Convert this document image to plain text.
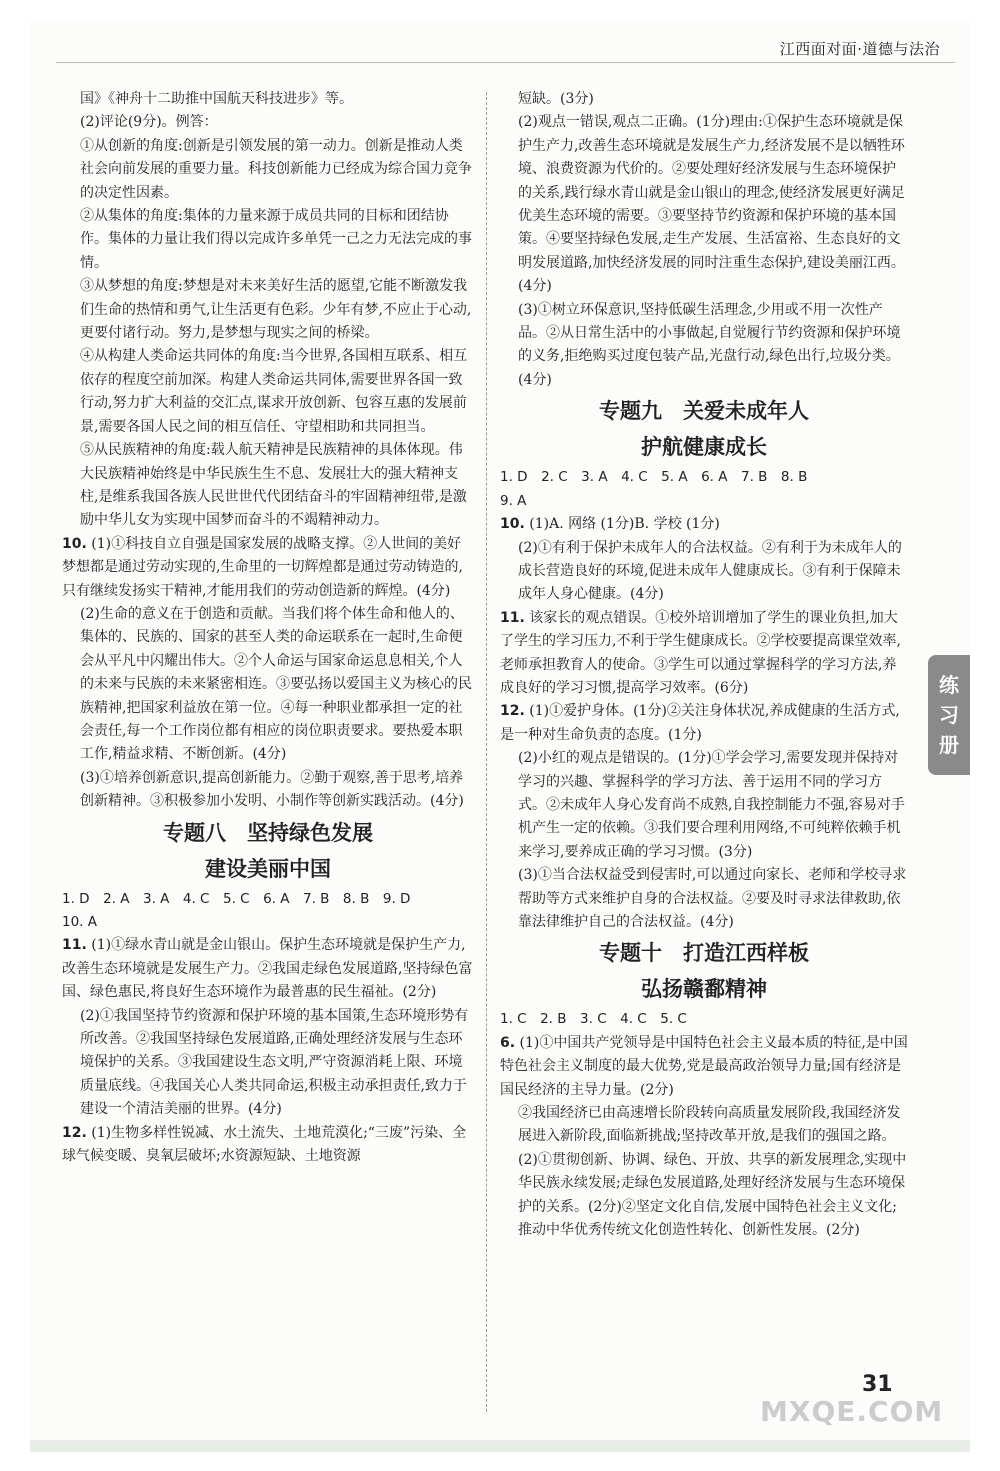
江西面对面·道德与法治

国》《神舟十二助推中国航天科技进步》等。

(2)评论(9分)。例答：

①从创新的角度:创新是引领发展的第一动力。创新是推动人类社会向前发展的重要力量。科技创新能力已经成为综合国力竞争的决定性因素。

②从集体的角度:集体的力量来源于成员共同的目标和团结协作。集体的力量让我们得以完成许多单凭一己之力无法完成的事情。

③从梦想的角度:梦想是对未来美好生活的愿望,它能不断激发我们生命的热情和勇气,让生活更有色彩。少年有梦,不应止于心动,更要付诸行动。努力,是梦想与现实之间的桥梁。

④从构建人类命运共同体的角度:当今世界,各国相互联系、相互依存的程度空前加深。构建人类命运共同体,需要世界各国一致行动,努力扩大利益的交汇点,谋求开放创新、包容互惠的发展前景,需要各国人民之间的相互信任、守望相助和共同担当。

⑤从民族精神的角度:载人航天精神是民族精神的具体体现。伟大民族精神始终是中华民族生生不息、发展壮大的强大精神支柱,是维系我国各族人民世世代代团结奋斗的牢固精神纽带,是激励中华儿女为实现中国梦而奋斗的不竭精神动力。

10. (1)①科技自立自强是国家发展的战略支撑。②人世间的美好梦想都是通过劳动实现的,生命里的一切辉煌都是通过劳动铸造的,只有继续发扬实干精神,才能用我们的劳动创造新的辉煌。(4分)

(2)生命的意义在于创造和贡献。当我们将个体生命和他人的、集体的、民族的、国家的甚至人类的命运联系在一起时,生命便会从平凡中闪耀出伟大。②个人命运与国家命运息息相关,个人的未来与民族的未来紧密相连。③要弘扬以爱国主义为核心的民族精神,把国家利益放在第一位。④每一种职业都承担一定的社会责任,每一个工作岗位都有相应的岗位职责要求。要热爱本职工作,精益求精、不断创新。(4分)

(3)①培养创新意识,提高创新能力。②勤于观察,善于思考,培养创新精神。③积极参加小发明、小制作等创新实践活动。(4分)

专题八　坚持绿色发展
建设美丽中国

1. D　2. A　3. A　4. C　5. C　6. A　7. B　8. B　9. D

10. A

11. (1)①绿水青山就是金山银山。保护生态环境就是保护生产力,改善生态环境就是发展生产力。②我国走绿色发展道路,坚持绿色富国、绿色惠民,将良好生态环境作为最普惠的民生福祉。(2分)

(2)①我国坚持节约资源和保护环境的基本国策,生态环境形势有所改善。②我国坚持绿色发展道路,正确处理经济发展与生态环境保护的关系。③我国建设生态文明,严守资源消耗上限、环境质量底线。④我国关心人类共同命运,积极主动承担责任,致力于建设一个清洁美丽的世界。(4分)

12. (1)生物多样性锐减、水土流失、土地荒漠化;“三废”污染、全球气候变暖、臭氧层破坏;水资源短缺、土地资源

短缺。(3分)

(2)观点一错误,观点二正确。(1分)理由:①保护生态环境就是保护生产力,改善生态环境就是发展生产力,经济发展不是以牺牲环境、浪费资源为代价的。②要处理好经济发展与生态环境保护的关系,践行绿水青山就是金山银山的理念,使经济发展更好满足优美生态环境的需要。③要坚持节约资源和保护环境的基本国策。④要坚持绿色发展,走生产发展、生活富裕、生态良好的文明发展道路,加快经济发展的同时注重生态保护,建设美丽江西。(4分)

(3)①树立环保意识,坚持低碳生活理念,少用或不用一次性产品。②从日常生活中的小事做起,自觉履行节约资源和保护环境的义务,拒绝购买过度包装产品,光盘行动,绿色出行,垃圾分类。(4分)

专题九　关爱未成年人
护航健康成长

1. D　2. C　3. A　4. C　5. A　6. A　7. B　8. B

9. A

10. (1)A. 网络 (1分)B. 学校 (1分)

(2)①有利于保护未成年人的合法权益。②有利于为未成年人的成长营造良好的环境,促进未成年人健康成长。③有利于保障未成年人身心健康。(4分)

11. 该家长的观点错误。①校外培训增加了学生的课业负担,加大了学生的学习压力,不利于学生健康成长。②学校要提高课堂效率,老师承担教育人的使命。③学生可以通过掌握科学的学习方法,养成良好的学习习惯,提高学习效率。(6分)

12. (1)①爱护身体。(1分)②关注身体状况,养成健康的生活方式,是一种对生命负责的态度。(1分)

(2)小红的观点是错误的。(1分)①学会学习,需要发现并保持对学习的兴趣、掌握科学的学习方法、善于运用不同的学习方式。②未成年人身心发育尚不成熟,自我控制能力不强,容易对手机产生一定的依赖。③我们要合理利用网络,不可纯粹依赖手机来学习,要养成正确的学习习惯。(3分)

(3)①当合法权益受到侵害时,可以通过向家长、老师和学校寻求帮助等方式来维护自身的合法权益。②要及时寻求法律救助,依靠法律维护自己的合法权益。(4分)

专题十　打造江西样板
弘扬赣鄱精神

1. C　2. B　3. C　4. C　5. C

6. (1)①中国共产党领导是中国特色社会主义最本质的特征,是中国特色社会主义制度的最大优势,党是最高政治领导力量;国有经济是国民经济的主导力量。(2分)

②我国经济已由高速增长阶段转向高质量发展阶段,我国经济发展进入新阶段,面临新挑战;坚持改革开放,是我们的强国之路。

(2)①贯彻创新、协调、绿色、开放、共享的新发展理念,实现中华民族永续发展;走绿色发展道路,处理好经济发展与生态环境保护的关系。(2分)②坚定文化自信,发展中国特色社会主义文化;推动中华优秀传统文化创造性转化、创新性发展。(2分)

练
习
册
31
MXQE.COM
